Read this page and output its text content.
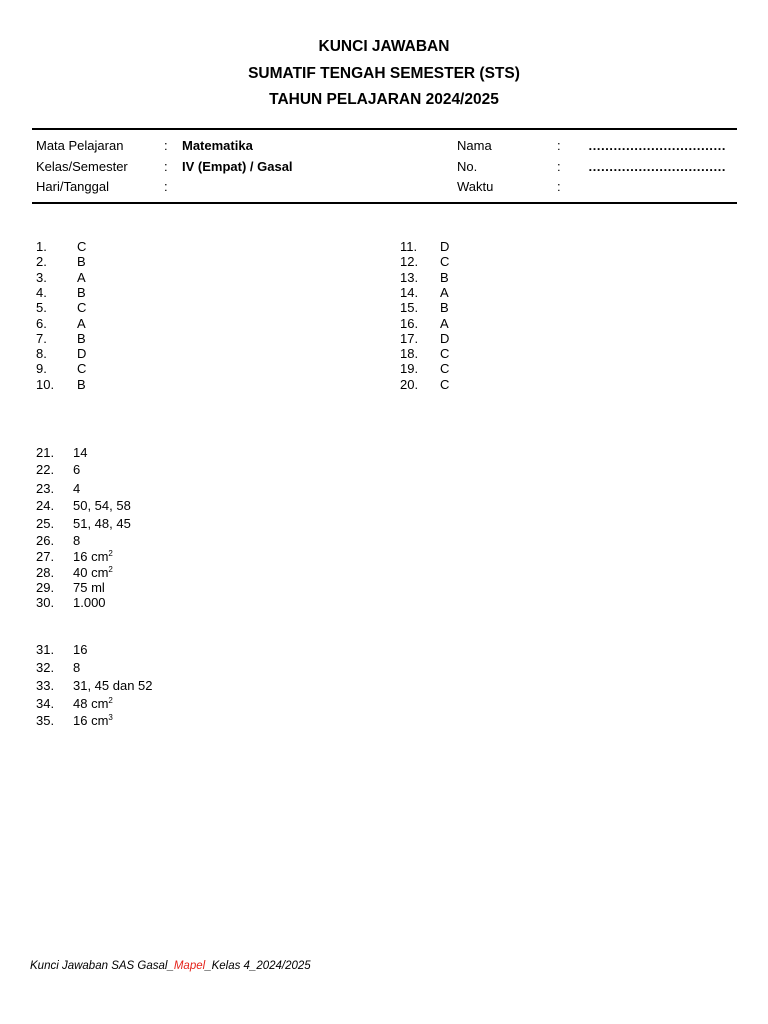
KUNCI JAWABAN
SUMATIF TENGAH SEMESTER (STS)
TAHUN PELAJARAN 2024/2025
Mata Pelajaran	: Matematika
Kelas/Semester	: IV (Empat) / Gasal
Hari/Tanggal	:
Nama	: ……………………………
No.	: ……………………………
Waktu	:
1. C
2. B
3. A
4. B
5. C
6. A
7. B
8. D
9. C
10. B
11. D
12. C
13. B
14. A
15. B
16. A
17. D
18. C
19. C
20. C
21. 14
22. 6
23. 4
24. 50, 54, 58
25. 51, 48, 45
26. 8
27. 16 $cm^2$
28. 40 $cm^2$
29. 75 ml
30. 1.000
31. 16
32. 8
33. 31, 45 dan 52
34. 48 $cm^2$
35. 16 $cm^3$
Kunci Jawaban SAS Gasal_Mapel_Kelas 4_2024/2025
